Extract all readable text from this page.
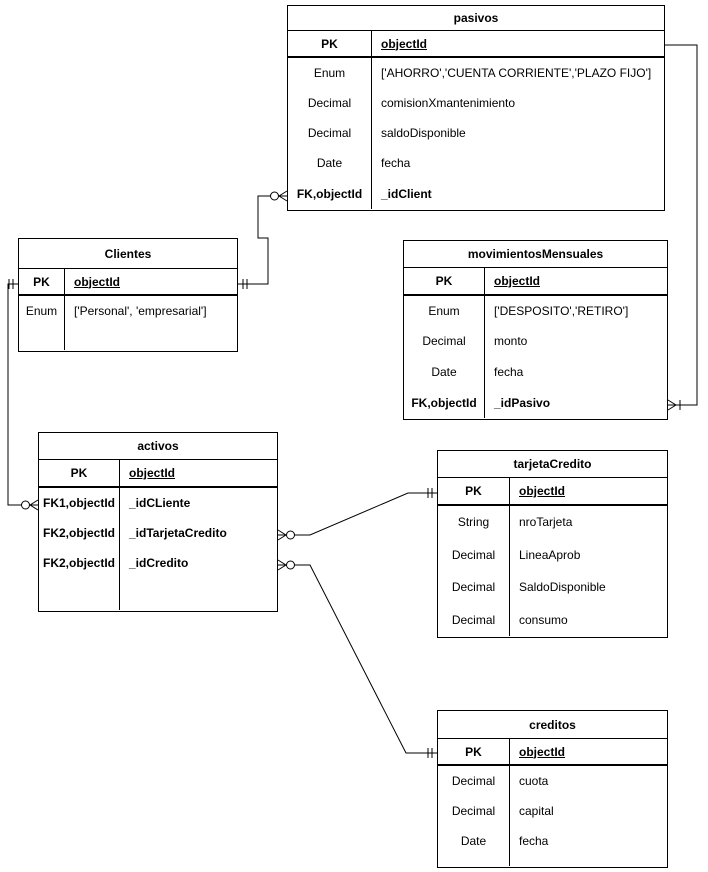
pasivos
PK	objectId
Enum	['AHORRO','CUENTA CORRIENTE','PLAZO FIJO']
Decimal	comisionXmantenimiento
Decimal	saldoDisponible
Date	fecha
FK,objectId	_idClient
Clientes
PK	objectId
Enum	['Personal', 'empresarial']
movimientosMensuales
PK	objectId
Enum	['DESPOSITO','RETIRO']
Decimal	monto
Date	fecha
FK,objectId	_idPasivo
activos
PK	objectId
FK1,objectId	_idCLiente
FK2,objectId	_idTarjetaCredito
FK2,objectId	_idCredito
tarjetaCredito
PK	objectId
String	nroTarjeta
Decimal	LineaAprob
Decimal	SaldoDisponible
Decimal	consumo
creditos
PK	objectId
Decimal	cuota
Decimal	capital
Date	fecha
